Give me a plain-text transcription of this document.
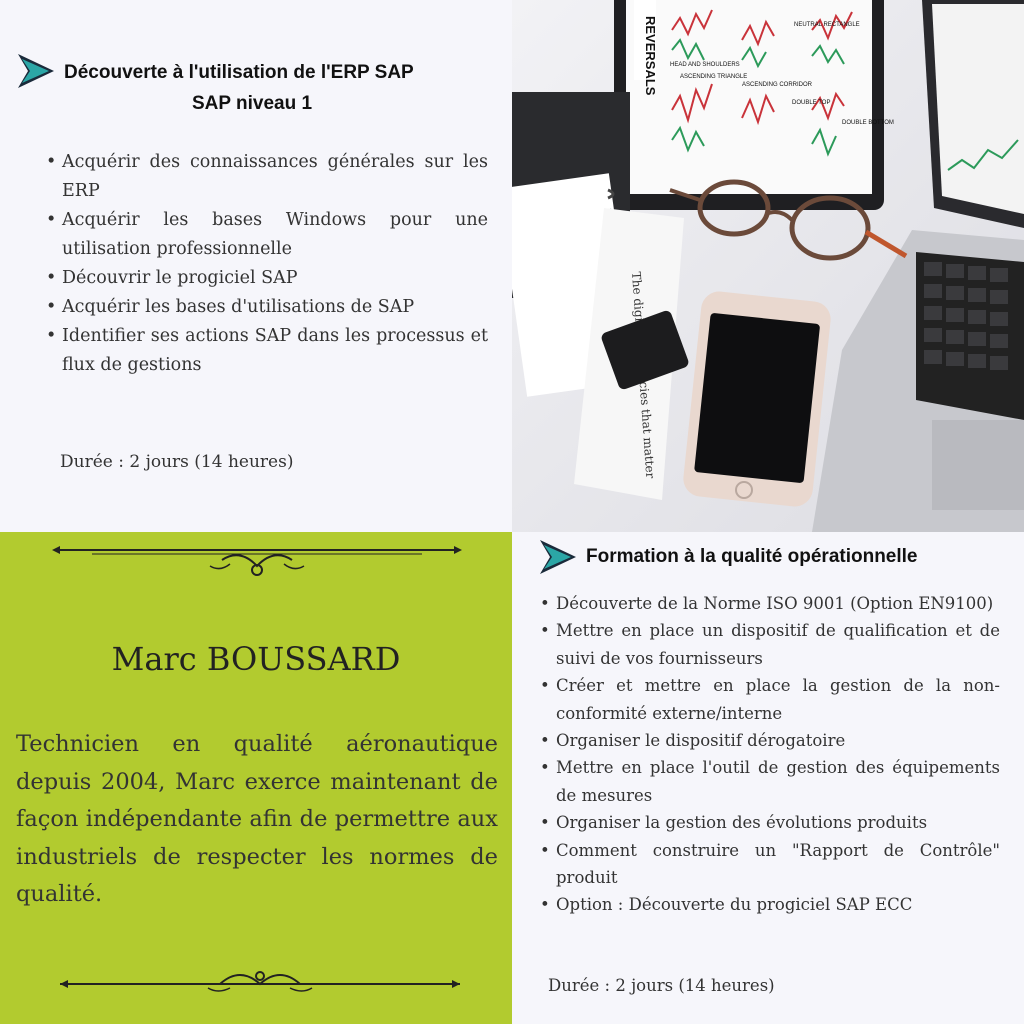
Découverte à l'utilisation de l'ERP SAP
SAP niveau 1
• Acquérir des connaissances générales sur les ERP
• Acquérir les bases Windows pour une utilisation professionnelle
• Découvrir le progiciel SAP
• Acquérir les bases d'utilisations de SAP
• Identifier ses actions SAP dans les processus et flux de gestions
Durée : 2 jours (14 heures)
REVERSALS	ASCENDING TRIANGLE
NEUTRAL RECTANGLE
HEAD AND SHOULDERS
ASCENDING CORRIDOR
DOUBLE TOP
DOUBLE BOTTOM
Marc BOUSSARD
Technicien en qualité aéronautique depuis 2004, Marc exerce maintenant de façon indépendante afin de permettre aux industriels de respecter les normes de qualité.
Formation à la qualité opérationnelle
• Découverte de la Norme ISO 9001 (Option EN9100)
• Mettre en place un dispositif de qualification et de suivi de vos fournisseurs
• Créer et mettre en place la gestion de la non-conformité externe/interne
• Organiser le dispositif dérogatoire
• Mettre en place l'outil de gestion des équipements de mesures
• Organiser la gestion des évolutions produits
• Comment construire un "Rapport de Contrôle" produit
• Option : Découverte du progiciel SAP ECC
Durée : 2 jours (14 heures)
